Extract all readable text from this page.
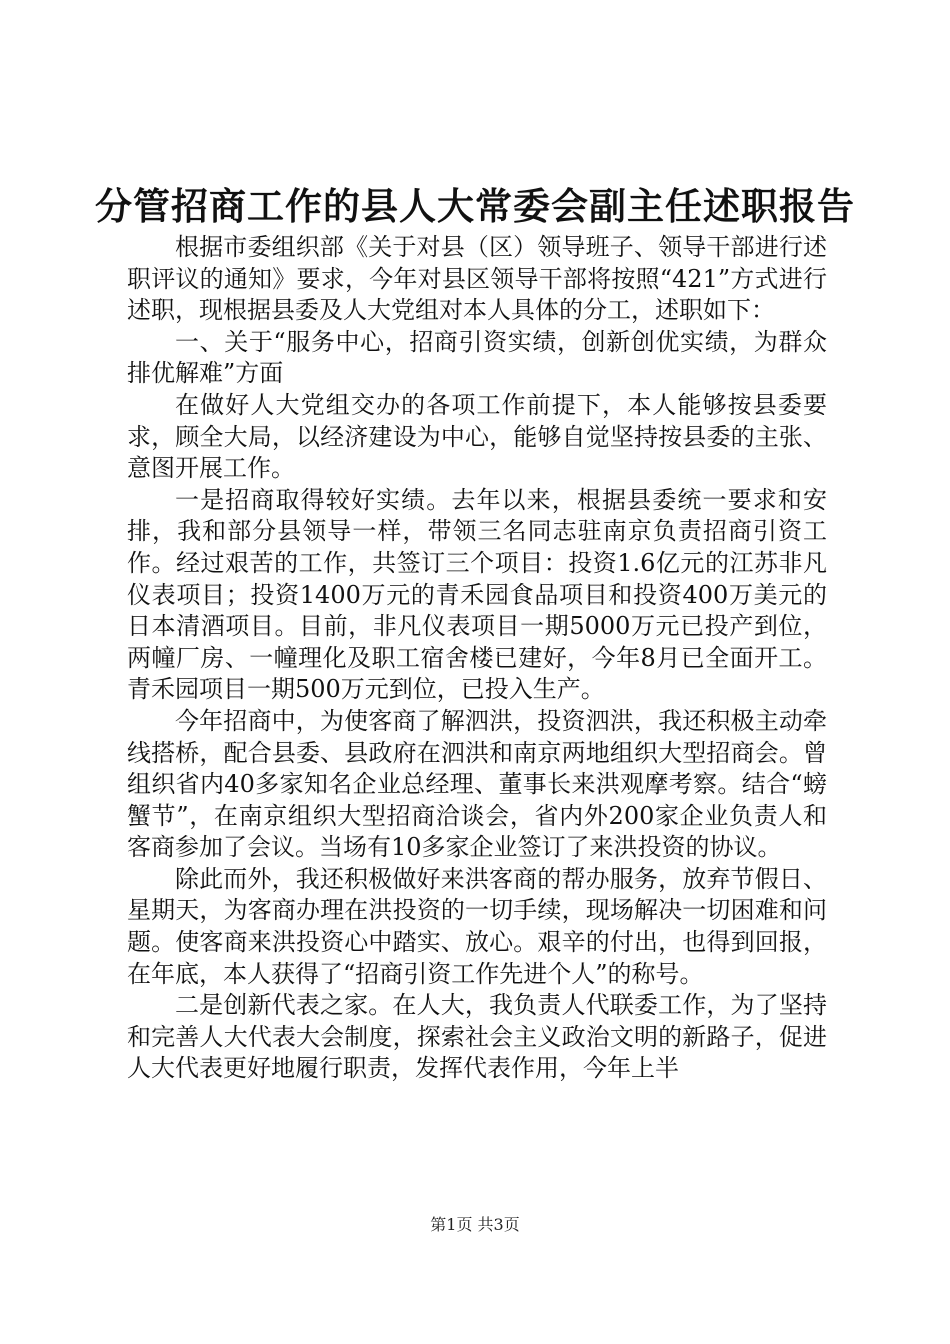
分管招商工作的县人大常委会副主任述职报告

根据市委组织部《关于对县（区）领导班子、领导干部进行述职评议的通知》要求，今年对县区领导干部将按照“421”方式进行述职，现根据县委及人大党组对本人具体的分工，述职如下：

一、关于“服务中心，招商引资实绩，创新创优实绩，为群众排优解难”方面

在做好人大党组交办的各项工作前提下，本人能够按县委要求，顾全大局，以经济建设为中心，能够自觉坚持按县委的主张、意图开展工作。

一是招商取得较好实绩。去年以来，根据县委统一要求和安排，我和部分县领导一样，带领三名同志驻南京负责招商引资工作。经过艰苦的工作，共签订三个项目：投资1.6亿元的江苏非凡仪表项目；投资1400万元的青禾园食品项目和投资400万美元的日本清酒项目。目前，非凡仪表项目一期5000万元已投产到位，两幢厂房、一幢理化及职工宿舍楼已建好，今年8月已全面开工。青禾园项目一期500万元到位，已投入生产。

今年招商中，为使客商了解泗洪，投资泗洪，我还积极主动牵线搭桥，配合县委、县政府在泗洪和南京两地组织大型招商会。曾组织省内40多家知名企业总经理、董事长来洪观摩考察。结合“螃蟹节”，在南京组织大型招商洽谈会，省内外200家企业负责人和客商参加了会议。当场有10多家企业签订了来洪投资的协议。

除此而外，我还积极做好来洪客商的帮办服务，放弃节假日、星期天，为客商办理在洪投资的一切手续，现场解决一切困难和问题。使客商来洪投资心中踏实、放心。艰辛的付出，也得到回报，在年底，本人获得了“招商引资工作先进个人”的称号。

二是创新代表之家。在人大，我负责人代联委工作，为了坚持和完善人大代表大会制度，探索社会主义政治文明的新路子，促进人大代表更好地履行职责，发挥代表作用，今年上半

第1页 共3页
